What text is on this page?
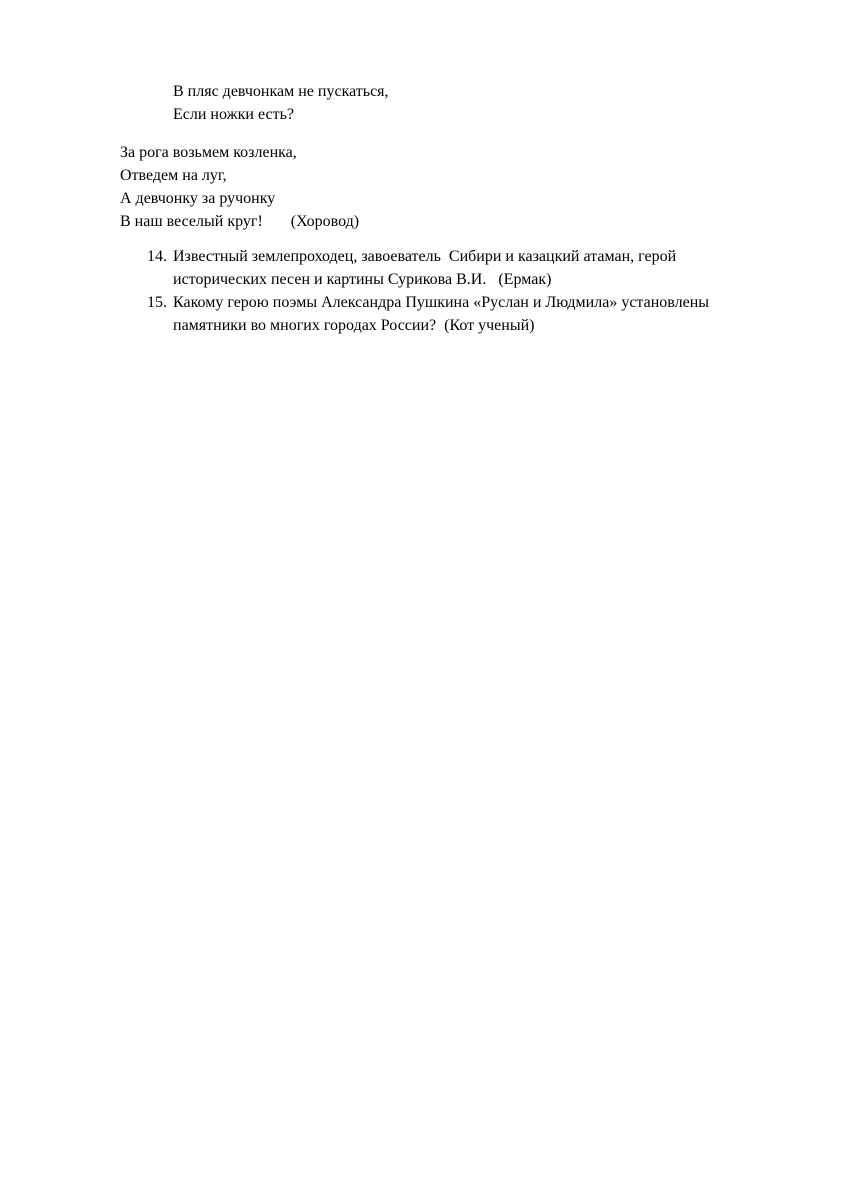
В пляс девчонкам не пускаться,

Если ножки есть?

За рога возьмем козленка,

Отведем на луг,

А девчонку за ручонку

В наш веселый круг!       (Хоровод)

14. Известный землепроходец, завоеватель  Сибири и казацкий атаман, герой
исторических песен и картины Сурикова В.И.   (Ермак)
15. Какому герою поэмы Александра Пушкина «Руслан и Людмила» установлены
памятники во многих городах России?  (Кот ученый)
